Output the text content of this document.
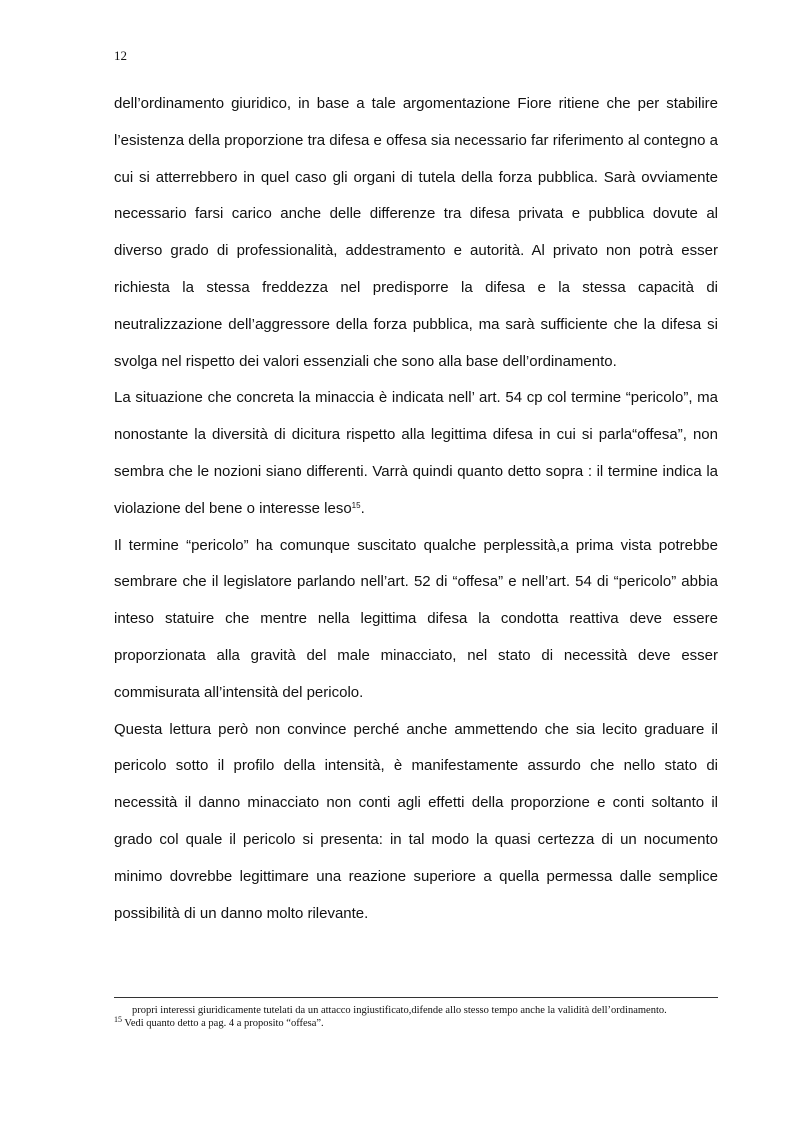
12

dell’ordinamento giuridico, in base a tale argomentazione Fiore ritiene che per stabilire l’esistenza della proporzione tra difesa e offesa sia necessario far riferimento al contegno a cui si atterrebbero in quel caso gli organi di tutela della forza pubblica. Sarà ovviamente necessario farsi carico anche delle differenze tra difesa privata e pubblica dovute al diverso grado di professionalità, addestramento e autorità. Al privato non potrà esser richiesta la stessa freddezza nel predisporre la difesa e la stessa capacità di neutralizzazione dell’aggressore della forza pubblica, ma sarà sufficiente che la difesa si svolga nel rispetto dei valori essenziali che sono alla base dell’ordinamento.

La situazione che concreta la minaccia è indicata nell’ art. 54 cp col termine “pericolo”, ma nonostante la diversità di dicitura rispetto alla legittima difesa in cui si parla“offesa”, non sembra che le nozioni siano differenti. Varrà quindi quanto detto sopra : il termine indica la violazione del bene o interesse leso$^{15}$.

Il termine “pericolo” ha comunque suscitato qualche perplessità,a prima vista potrebbe sembrare che il legislatore parlando nell’art. 52 di “offesa” e nell’art. 54 di “pericolo” abbia inteso statuire che mentre nella legittima difesa la condotta reattiva deve essere proporzionata alla gravità del male minacciato, nel stato di necessità deve esser commisurata all’intensità del pericolo.

Questa lettura però non convince perché anche ammettendo che sia lecito graduare il pericolo sotto il profilo della intensità, è manifestamente assurdo che nello stato di necessità il danno minacciato non conti agli effetti della proporzione e conti soltanto il grado col quale il pericolo si presenta: in tal modo la quasi certezza di un nocumento minimo dovrebbe legittimare una reazione superiore a quella permessa dalle semplice possibilità di un danno molto rilevante.

propri interessi giuridicamente tutelati da un attacco ingiustificato,difende allo stesso tempo anche la validità dell’ordinamento.

$^{15}$ Vedi quanto detto a pag. 4 a proposito “offesa”.
